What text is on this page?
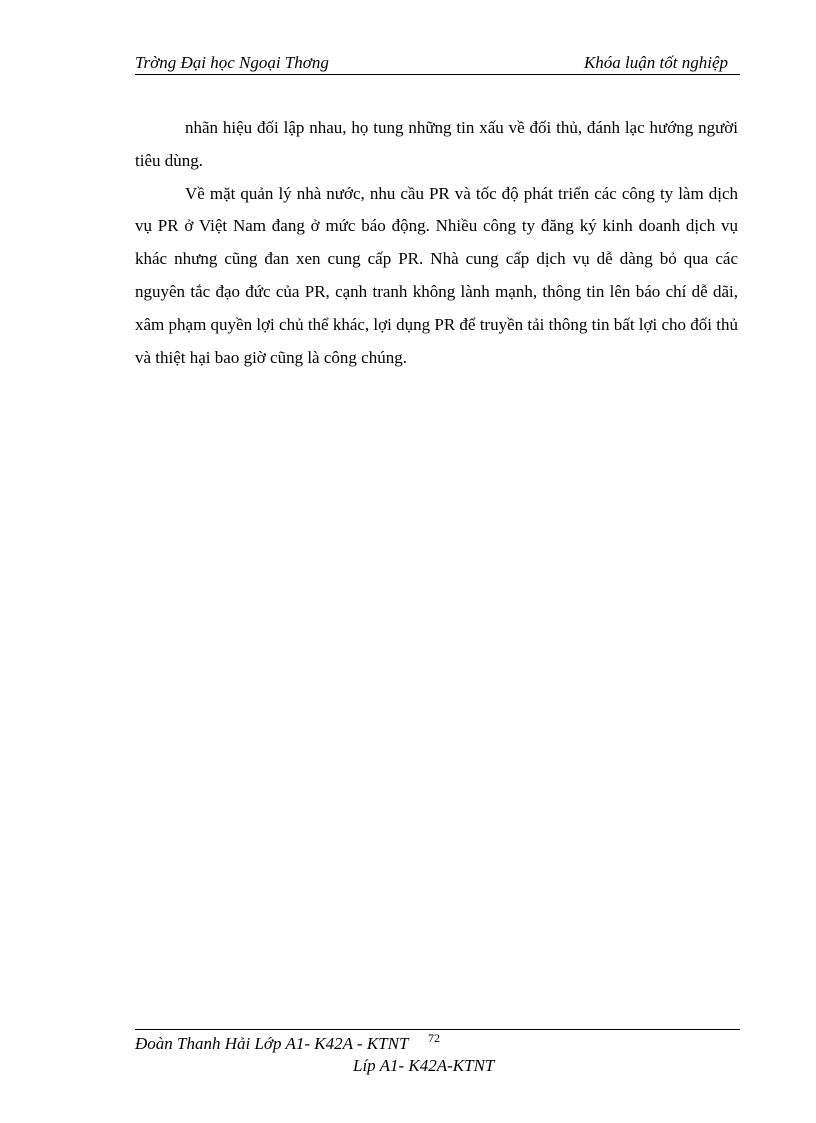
Trờng Đại học Ngoại Thơng	Khóa luận tốt nghiệp

nhãn hiệu đối lập nhau, họ tung những tin xấu về đối thủ, đánh lạc hướng người tiêu dùng.

Về mặt quản lý nhà nước, nhu cầu PR và tốc độ phát triển các công ty làm dịch vụ PR ở Việt Nam đang ở mức báo động. Nhiều công ty đăng ký kinh doanh dịch vụ khác nhưng cũng đan xen cung cấp PR. Nhà cung cấp dịch vụ dễ dàng bỏ qua các nguyên tắc đạo đức của PR, cạnh tranh không lành mạnh, thông tin lên báo chí dễ dãi, xâm phạm quyền lợi chủ thể khác, lợi dụng PR để truyền tải thông tin bất lợi cho đối thủ và thiệt hại bao giờ cũng là công chúng.

Đoàn Thanh Hải Lớp A1- K42A - KTNT 72
Líp A1- K42A-KTNT
